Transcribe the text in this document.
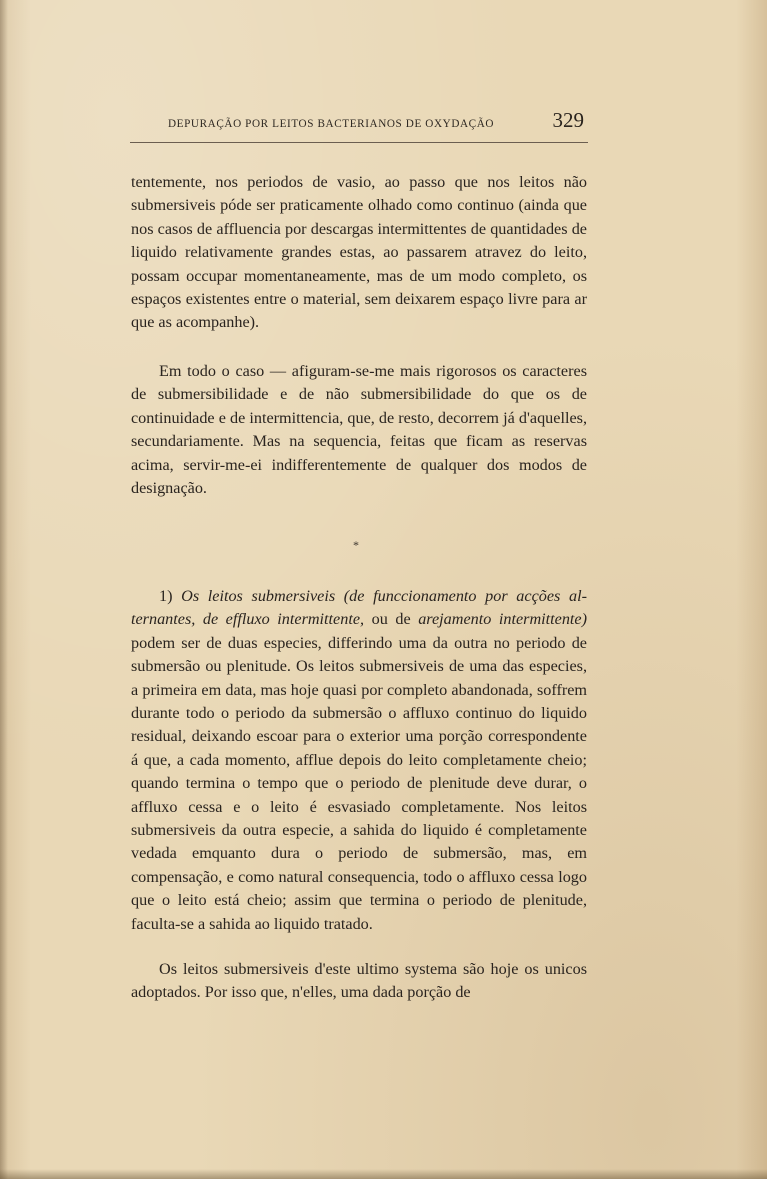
DEPURAÇÃO POR LEITOS BACTERIANOS DE OXYDAÇÃO	329

tentemente, nos periodos de vasio, ao passo que nos leitos não submersiveis póde ser praticamente olhado como continuo (ainda que nos casos de affluencia por descargas intermittentes de quantidades de liquido relativamente grandes estas, ao passarem atravez do leito, possam occupar momentaneamente, mas de um modo completo, os espaços existentes entre o material, sem deixarem espaço livre para ar que as acompanhe).

Em todo o caso — afiguram-se-me mais rigorosos os caracteres de submersibilidade e de não submersibilidade do que os de continuidade e de intermittencia, que, de resto, decorrem já d'aquelles, secundariamente. Mas na sequencia, feitas que ficam as reservas acima, servir-me-ei indifferentemente de qualquer dos modos de designação.

*

1) Os leitos submersiveis (de funccionamento por acções alternantes, de effluxo intermittente, ou de arejamento intermittente) podem ser de duas especies, differindo uma da outra no periodo de submersão ou plenitude. Os leitos submersiveis de uma das especies, a primeira em data, mas hoje quasi por completo abandonada, soffrem durante todo o periodo da submersão o affluxo continuo do liquido residual, deixando escoar para o exterior uma porção correspondente á que, a cada momento, afflue depois do leito completamente cheio; quando termina o tempo que o periodo de plenitude deve durar, o affluxo cessa e o leito é esvasiado completamente. Nos leitos submersiveis da outra especie, a sahida do liquido é completamente vedada emquanto dura o periodo de submersão, mas, em compensação, e como natural consequencia, todo o affluxo cessa logo que o leito está cheio; assim que termina o periodo de plenitude, faculta-se a sahida ao liquido tratado.

Os leitos submersiveis d'este ultimo systema são hoje os unicos adoptados. Por isso que, n'elles, uma dada porção de
